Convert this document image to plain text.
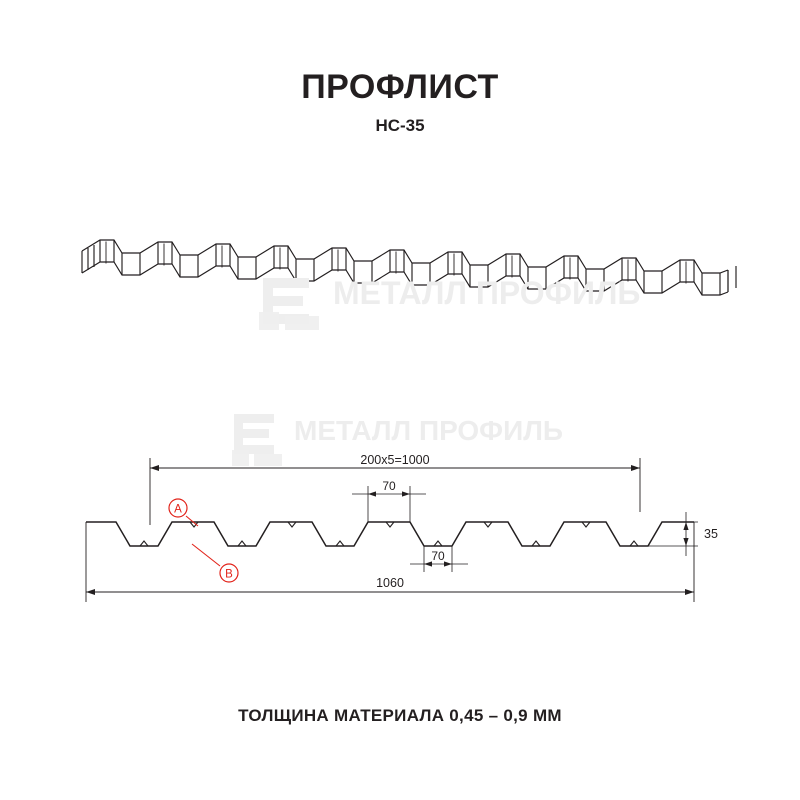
ПРОФЛИСТ
НС-35
МЕТАЛЛ ПРОФИЛЬ
МЕТАЛЛ ПРОФИЛЬ
200x5=1000
70
70
35
1060
A
B
ТОЛЩИНА МАТЕРИАЛА 0,45 – 0,9 ММ
